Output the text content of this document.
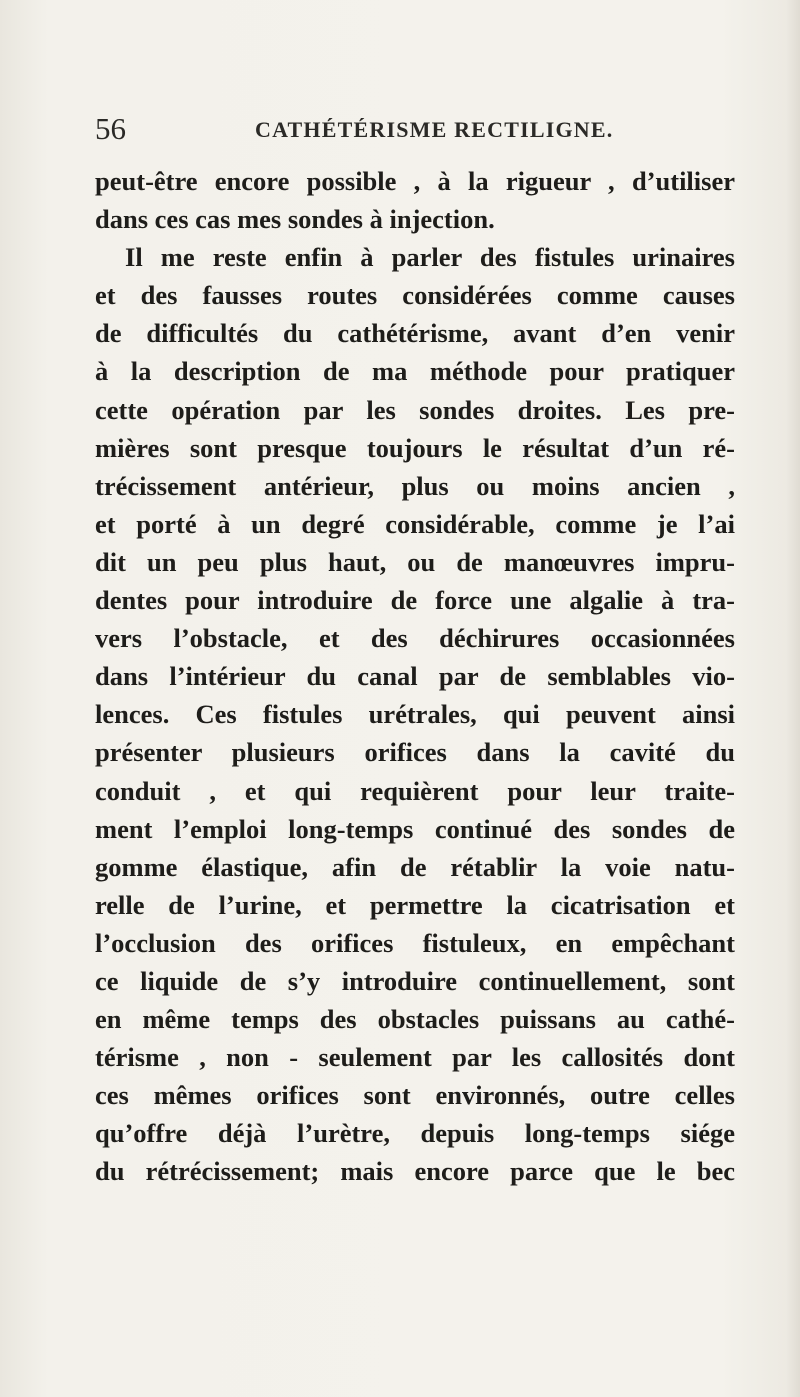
56	CATHÉTÉRISME RECTILIGNE.
peut-être encore possible , à la rigueur , d’utiliser
dans ces cas mes sondes à injection.
Il me reste enfin à parler des fistules urinaires
et des fausses routes considérées comme causes
de difficultés du cathétérisme, avant d’en venir
à la description de ma méthode pour pratiquer
cette opération par les sondes droites. Les pre-
mières sont presque toujours le résultat d’un ré-
trécissement antérieur, plus ou moins ancien ,
et porté à un degré considérable, comme je l’ai
dit un peu plus haut, ou de manœuvres impru-
dentes pour introduire de force une algalie à tra-
vers l’obstacle, et des déchirures occasionnées
dans l’intérieur du canal par de semblables vio-
lences. Ces fistules urétrales, qui peuvent ainsi
présenter plusieurs orifices dans la cavité du
conduit , et qui requièrent pour leur traite-
ment l’emploi long-temps continué des sondes de
gomme élastique, afin de rétablir la voie natu-
relle de l’urine, et permettre la cicatrisation et
l’occlusion des orifices fistuleux, en empêchant
ce liquide de s’y introduire continuellement, sont
en même temps des obstacles puissans au cathé-
térisme , non - seulement par les callosités dont
ces mêmes orifices sont environnés, outre celles
qu’offre déjà l’urètre, depuis long-temps siége
du rétrécissement; mais encore parce que le bec
